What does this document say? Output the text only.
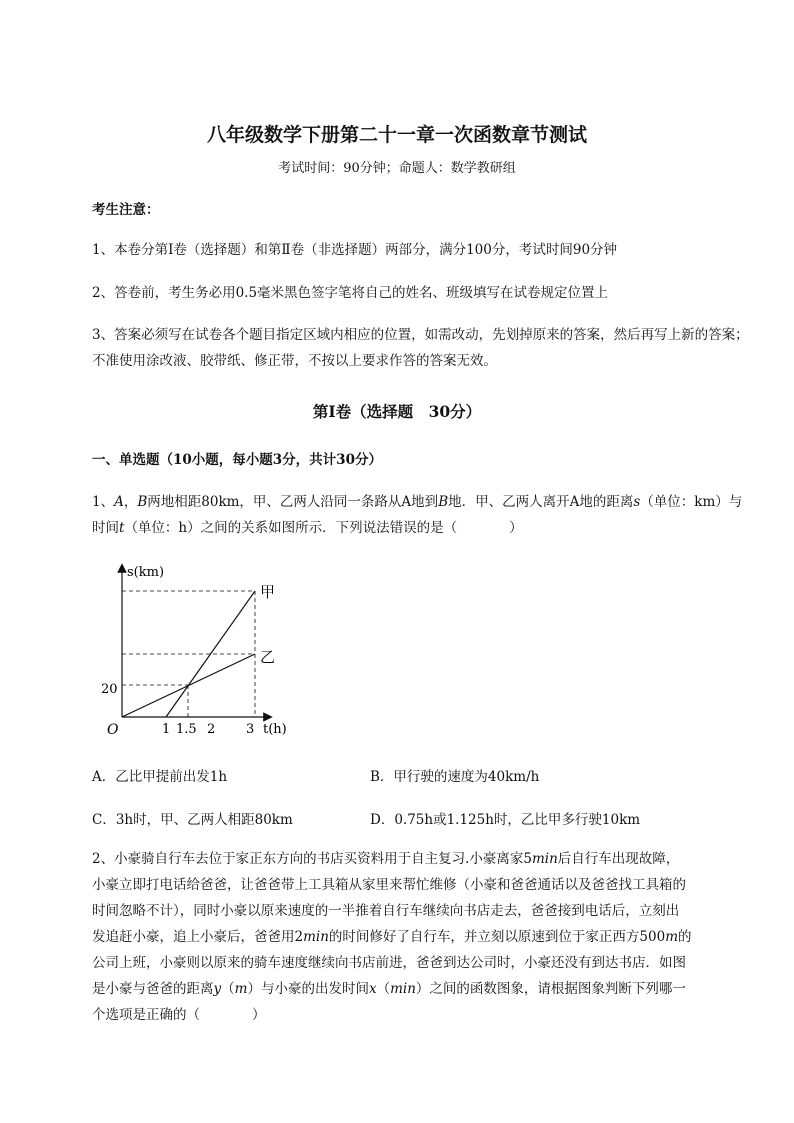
八年级数学下册第二十一章一次函数章节测试
考试时间：90分钟；命题人：数学教研组

考生注意：

1、本卷分第I卷（选择题）和第Ⅱ卷（非选择题）两部分，满分100分，考试时间90分钟

2、答卷前，考生务必用0.5毫米黑色签字笔将自己的姓名、班级填写在试卷规定位置上

3、答案必须写在试卷各个题目指定区域内相应的位置，如需改动，先划掉原来的答案，然后再写上新的答案；不准使用涂改液、胶带纸、修正带，不按以上要求作答的答案无效。

第I卷（选择题　30分）

一、单选题（10小题，每小题3分，共计30分）

1、A，B两地相距80km，甲、乙两人沿同一条路从A地到B地．甲、乙两人离开A地的距离s（单位：km）与时间t（单位：h）之间的关系如图所示．下列说法错误的是（	）

s(km)
t(h)
O
20
1 1.5 2 3
甲
乙
A．乙比甲提前出发1h	B．甲行驶的速度为40km/h
C．3h时，甲、乙两人相距80km	D．0.75h或1.125h时，乙比甲多行驶10km
2、小豪骑自行车去位于家正东方向的书店买资料用于自主复习.小豪离家5min后自行车出现故障，
小豪立即打电话给爸爸，让爸爸带上工具箱从家里来帮忙维修（小豪和爸爸通话以及爸爸找工具箱的
时间忽略不计），同时小豪以原来速度的一半推着自行车继续向书店走去，爸爸接到电话后，立刻出
发追赶小豪，追上小豪后，爸爸用2min的时间修好了自行车，并立刻以原速到位于家正西方500m的
公司上班，小豪则以原来的骑车速度继续向书店前进，爸爸到达公司时，小豪还没有到达书店．如图
是小豪与爸爸的距离y（m）与小豪的出发时间x（min）之间的函数图象，请根据图象判断下列哪一
个选项是正确的（	）
